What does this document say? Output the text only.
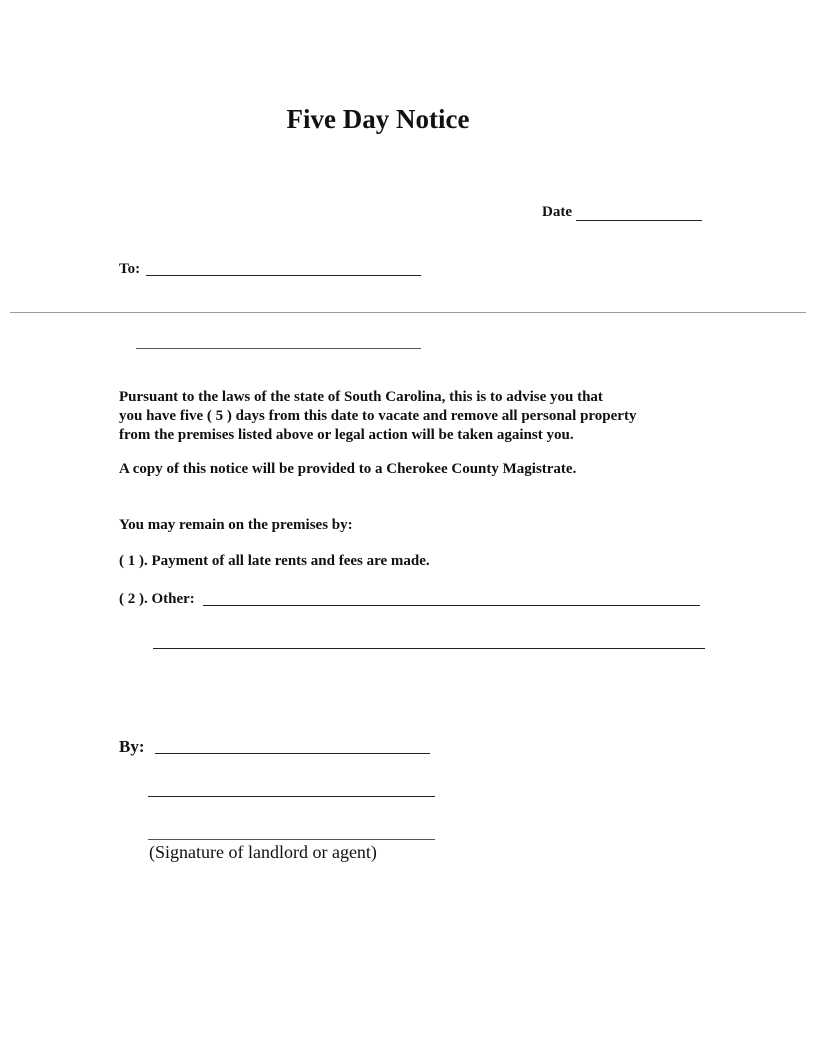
Five Day Notice
Date
To:
Pursuant to the laws of the state of South Carolina, this is to advise you that
you have five ( 5 ) days from this date to vacate and remove all personal property
from the premises listed above or legal action will be taken against you.
A copy of this notice will be provided to a Cherokee County Magistrate.
You may remain on the premises by:
( 1 ). Payment of all late rents and fees are made.
( 2 ). Other:
By:
(Signature of landlord or agent)
